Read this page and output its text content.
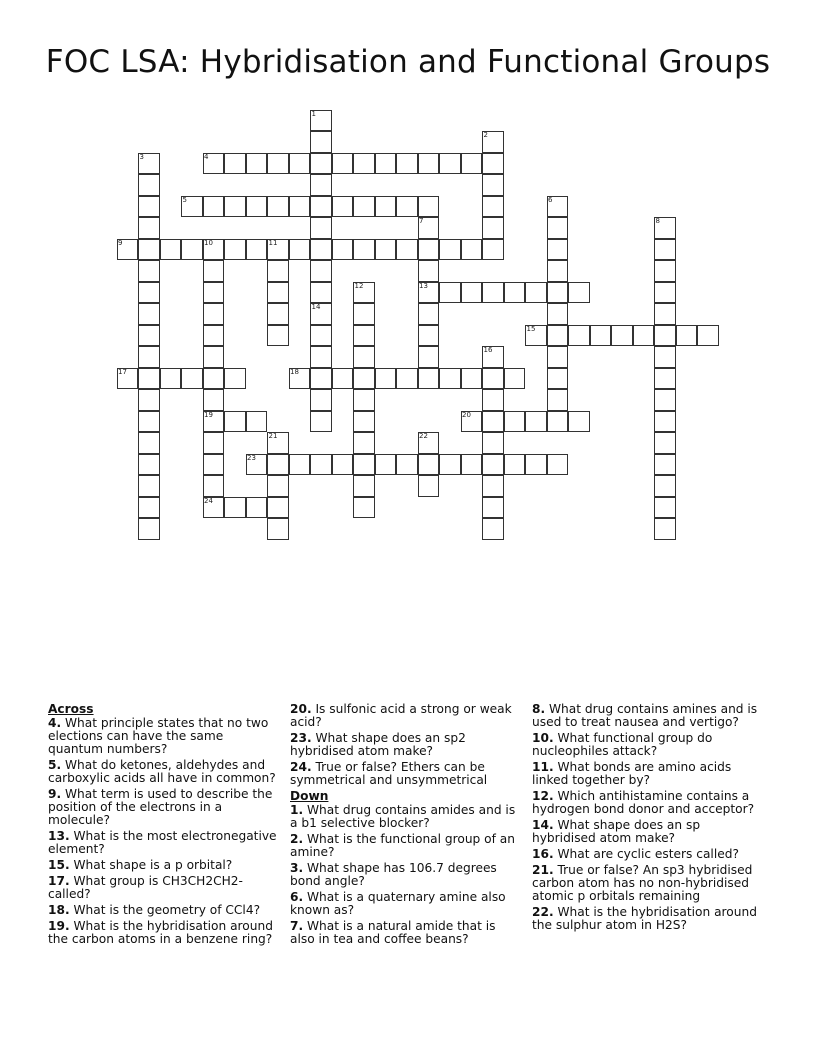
FOC LSA: Hybridisation and Functional Groups
1
2
3	4
5	6
7	8
9	10	11
12	13
14
15
16
17	18
19	20
21	22
23
24
Across
4. What principle states that no two elections can have the same quantum numbers?
5. What do ketones, aldehydes and carboxylic acids all have in common?
9. What term is used to describe the position of the electrons in a molecule?
13. What is the most electronegative element?
15. What shape is a p orbital?
17. What group is CH3CH2CH2- called?
18. What is the geometry of CCl4?
19. What is the hybridisation around the carbon atoms in a benzene ring?
20. Is sulfonic acid a strong or weak acid?
23. What shape does an sp2 hybridised atom make?
24. True or false? Ethers can be symmetrical and unsymmetrical
Down
1. What drug contains amides and is a b1 selective blocker?
2. What is the functional group of an amine?
3. What shape has 106.7 degrees bond angle?
6. What is a quaternary amine also known as?
7. What is a natural amide that is also in tea and coffee beans?
8. What drug contains amines and is used to treat nausea and vertigo?
10. What functional group do nucleophiles attack?
11. What bonds are amino acids linked together by?
12. Which antihistamine contains a hydrogen bond donor and acceptor?
14. What shape does an sp hybridised atom make?
16. What are cyclic esters called?
21. True or false? An sp3 hybridised carbon atom has no non-hybridised atomic p orbitals remaining
22. What is the hybridisation around the sulphur atom in H2S?
